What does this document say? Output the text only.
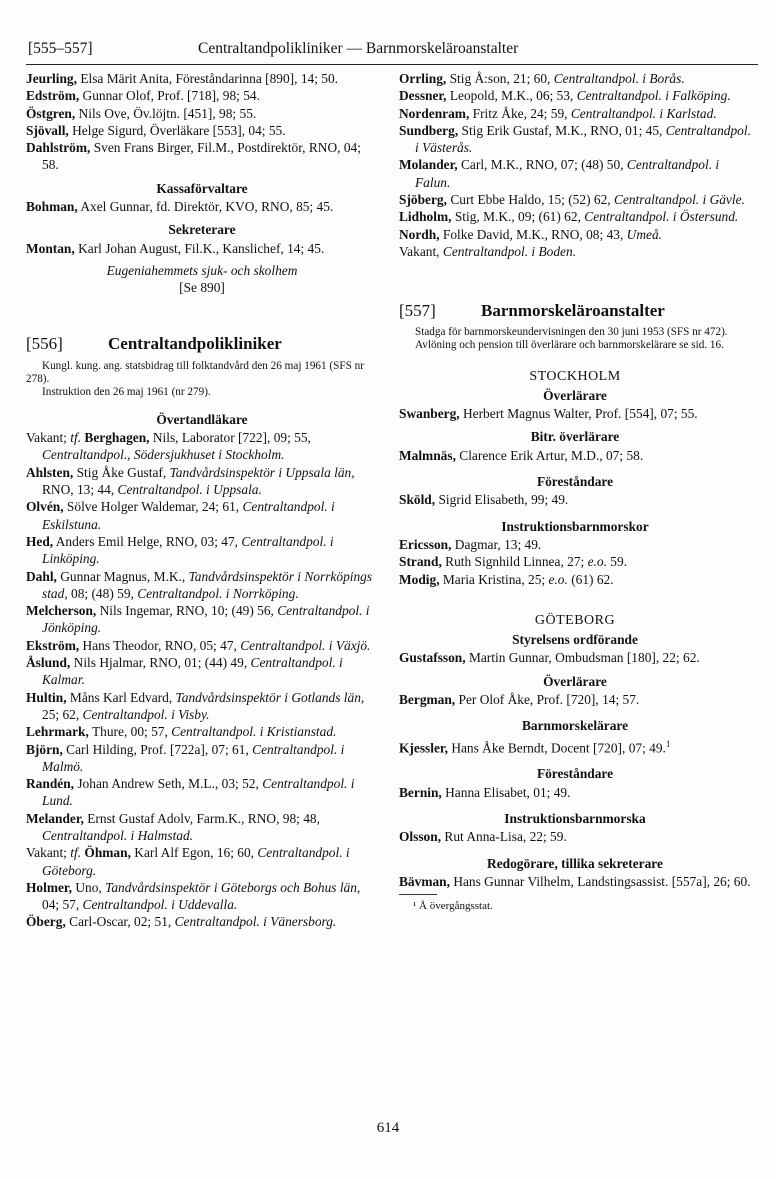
[555–557]	Centraltandpolikliniker — Barnmorskeläroanstalter

Jeurling, Elsa Märit Anita, Föreståndarinna [890], 14; 50.

Edström, Gunnar Olof, Prof. [718], 98; 54.

Östgren, Nils Ove, Öv.löjtn. [451], 98; 55.

Sjövall, Helge Sigurd, Överläkare [553], 04; 55.

Dahlström, Sven Frans Birger, Fil.M., Postdirektör, RNO, 04; 58.

Kassaförvaltare

Bohman, Axel Gunnar, fd. Direktör, KVO, RNO, 85; 45.

Sekreterare

Montan, Karl Johan August, Fil.K., Kanslichef, 14; 45.

Eugeniahemmets sjuk- och skolhem

[Se 890]

[556]	Centraltandpolikliniker

Kungl. kung. ang. statsbidrag till folktandvård den 26 maj 1961 (SFS nr 278).
Instruktion den 26 maj 1961 (nr 279).

Övertandläkare

Vakant; tf. Berghagen, Nils, Laborator [722], 09; 55, Centraltandpol., Södersjukhuset i Stockholm.

Ahlsten, Stig Åke Gustaf, Tandvårdsinspektör i Uppsala län, RNO, 13; 44, Centraltandpol. i Uppsala.

Olvén, Sölve Holger Waldemar, 24; 61, Centraltandpol. i Eskilstuna.

Hed, Anders Emil Helge, RNO, 03; 47, Centraltandpol. i Linköping.

Dahl, Gunnar Magnus, M.K., Tandvårdsinspektör i Norrköpings stad, 08; (48) 59, Centraltandpol. i Norrköping.

Melcherson, Nils Ingemar, RNO, 10; (49) 56, Centraltandpol. i Jönköping.

Ekström, Hans Theodor, RNO, 05; 47, Centraltandpol. i Växjö.

Åslund, Nils Hjalmar, RNO, 01; (44) 49, Centraltandpol. i Kalmar.

Hultin, Måns Karl Edvard, Tandvårdsinspektör i Gotlands län, 25; 62, Centraltandpol. i Visby.

Lehrmark, Thure, 00; 57, Centraltandpol. i Kristianstad.

Björn, Carl Hilding, Prof. [722a], 07; 61, Centraltandpol. i Malmö.

Randén, Johan Andrew Seth, M.L., 03; 52, Centraltandpol. i Lund.

Melander, Ernst Gustaf Adolv, Farm.K., RNO, 98; 48, Centraltandpol. i Halmstad.

Vakant; tf. Öhman, Karl Alf Egon, 16; 60, Centraltandpol. i Göteborg.

Holmer, Uno, Tandvårdsinspektör i Göteborgs och Bohus län, 04; 57, Centraltandpol. i Uddevalla.

Öberg, Carl-Oscar, 02; 51, Centraltandpol. i Vänersborg.

Orrling, Stig Å:son, 21; 60, Centraltandpol. i Borås.

Dessner, Leopold, M.K., 06; 53, Centraltandpol. i Falköping.

Nordenram, Fritz Åke, 24; 59, Centraltandpol. i Karlstad.

Sundberg, Stig Erik Gustaf, M.K., RNO, 01; 45, Centraltandpol. i Västerås.

Molander, Carl, M.K., RNO, 07; (48) 50, Centraltandpol. i Falun.

Sjöberg, Curt Ebbe Haldo, 15; (52) 62, Centraltandpol. i Gävle.

Lidholm, Stig, M.K., 09; (61) 62, Centraltandpol. i Östersund.

Nordh, Folke David, M.K., RNO, 08; 43, Umeå.

Vakant, Centraltandpol. i Boden.

[557]	Barnmorskeläroanstalter

Stadga för barnmorskeundervisningen den 30 juni 1953 (SFS nr 472).
Avlöning och pension till överlärare och barnmorskelärare se sid. 16.

STOCKHOLM

Överlärare

Swanberg, Herbert Magnus Walter, Prof. [554], 07; 55.

Bitr. överlärare

Malmnäs, Clarence Erik Artur, M.D., 07; 58.

Föreståndare

Sköld, Sigrid Elisabeth, 99; 49.

Instruktionsbarnmorskor

Ericsson, Dagmar, 13; 49.

Strand, Ruth Signhild Linnea, 27; e.o. 59.

Modig, Maria Kristina, 25; e.o. (61) 62.

GÖTEBORG

Styrelsens ordförande

Gustafsson, Martin Gunnar, Ombudsman [180], 22; 62.

Överlärare

Bergman, Per Olof Åke, Prof. [720], 14; 57.

Barnmorskelärare

Kjessler, Hans Åke Berndt, Docent [720], 07; 49.$^1$

Föreståndare

Bernin, Hanna Elisabet, 01; 49.

Instruktionsbarnmorska

Olsson, Rut Anna-Lisa, 22; 59.

Redogörare, tillika sekreterare

Bävman, Hans Gunnar Vilhelm, Landstingsassist. [557a], 26; 60.

¹ Å övergångsstat.

614
